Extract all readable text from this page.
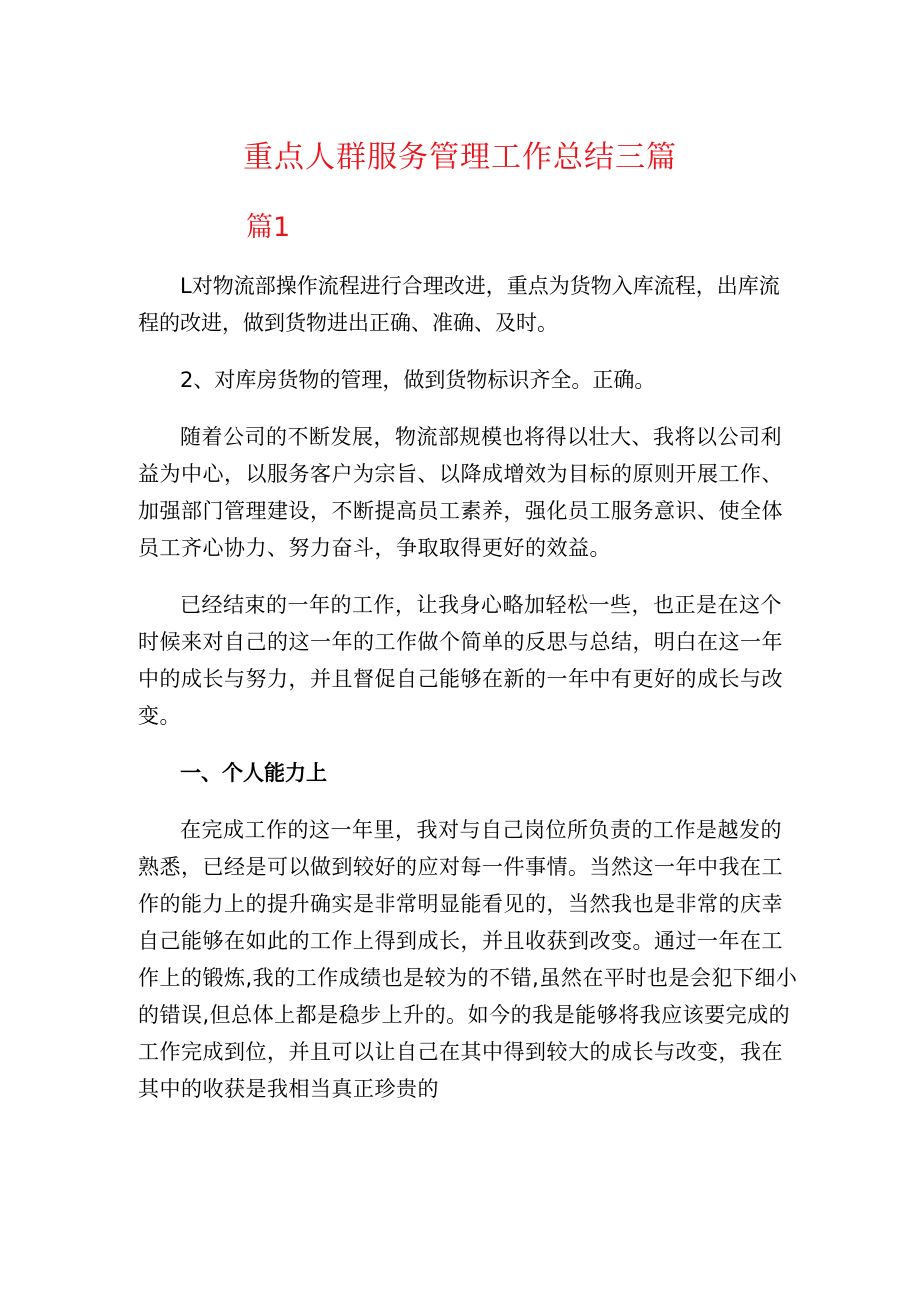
重点人群服务管理工作总结三篇
篇1

L对物流部操作流程进行合理改进，重点为货物入库流程，出库流程的改进，做到货物进出正确、准确、及时。

2、对库房货物的管理，做到货物标识齐全。正确。

随着公司的不断发展，物流部规模也将得以壮大、我将以公司利益为中心，以服务客户为宗旨、以降成增效为目标的原则开展工作、加强部门管理建设，不断提高员工素养，强化员工服务意识、使全体员工齐心协力、努力奋斗，争取取得更好的效益。

已经结束的一年的工作，让我身心略加轻松一些，也正是在这个时候来对自己的这一年的工作做个简单的反思与总结，明白在这一年中的成长与努力，并且督促自己能够在新的一年中有更好的成长与改变。

一、个人能力上

在完成工作的这一年里，我对与自己岗位所负责的工作是越发的熟悉，已经是可以做到较好的应对每一件事情。当然这一年中我在工作的能力上的提升确实是非常明显能看见的，当然我也是非常的庆幸自己能够在如此的工作上得到成长，并且收获到改变。通过一年在工作上的锻炼,我的工作成绩也是较为的不错,虽然在平时也是会犯下细小的错误,但总体上都是稳步上升的。如今的我是能够将我应该要完成的工作完成到位，并且可以让自己在其中得到较大的成长与改变，我在其中的收获是我相当真正珍贵的
